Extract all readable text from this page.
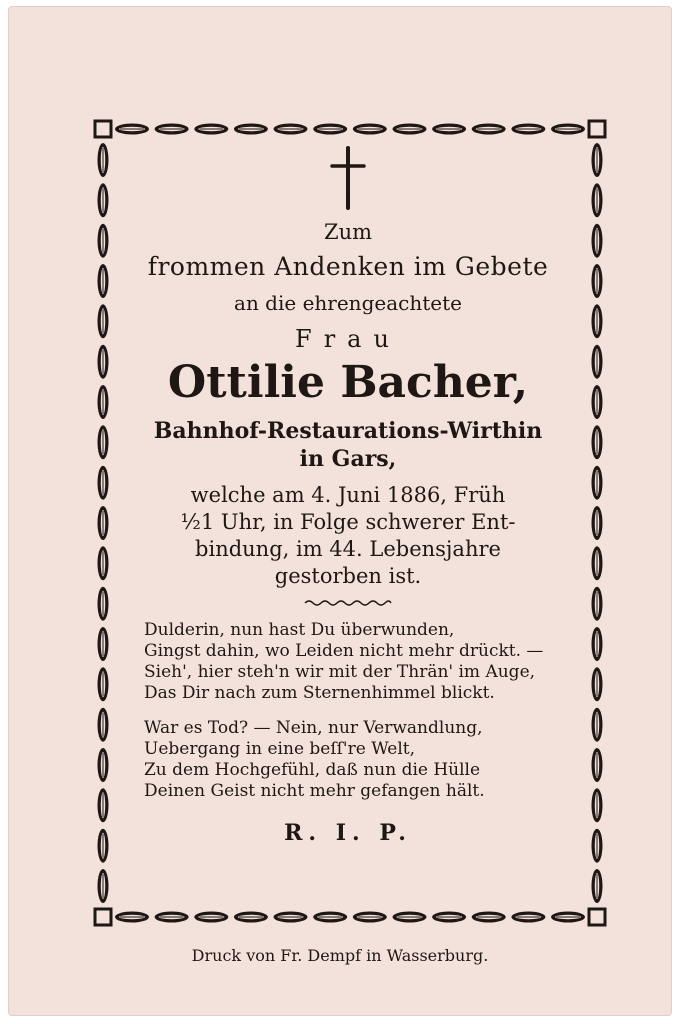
Zum
frommen Andenken im Gebete
an die ehrengeachtete
Frau
Ottilie Bacher,
Bahnhof-Restaurations-Wirthin
in Gars,
welche am 4. Juni 1886, Früh
½1 Uhr, in Folge schwerer Ent-
bindung, im 44. Lebensjahre
gestorben ist.
Dulderin, nun hast Du überwunden,
Gingst dahin, wo Leiden nicht mehr drückt. —
Sieh', hier steh'n wir mit der Thrän' im Auge,
Das Dir nach zum Sternenhimmel blickt.
War es Tod? — Nein, nur Verwandlung,
Uebergang in eine beſſ're Welt,
Zu dem Hochgefühl, daß nun die Hülle
Deinen Geist nicht mehr gefangen hält.
R. I. P.
Druck von Fr. Dempf in Wasserburg.
